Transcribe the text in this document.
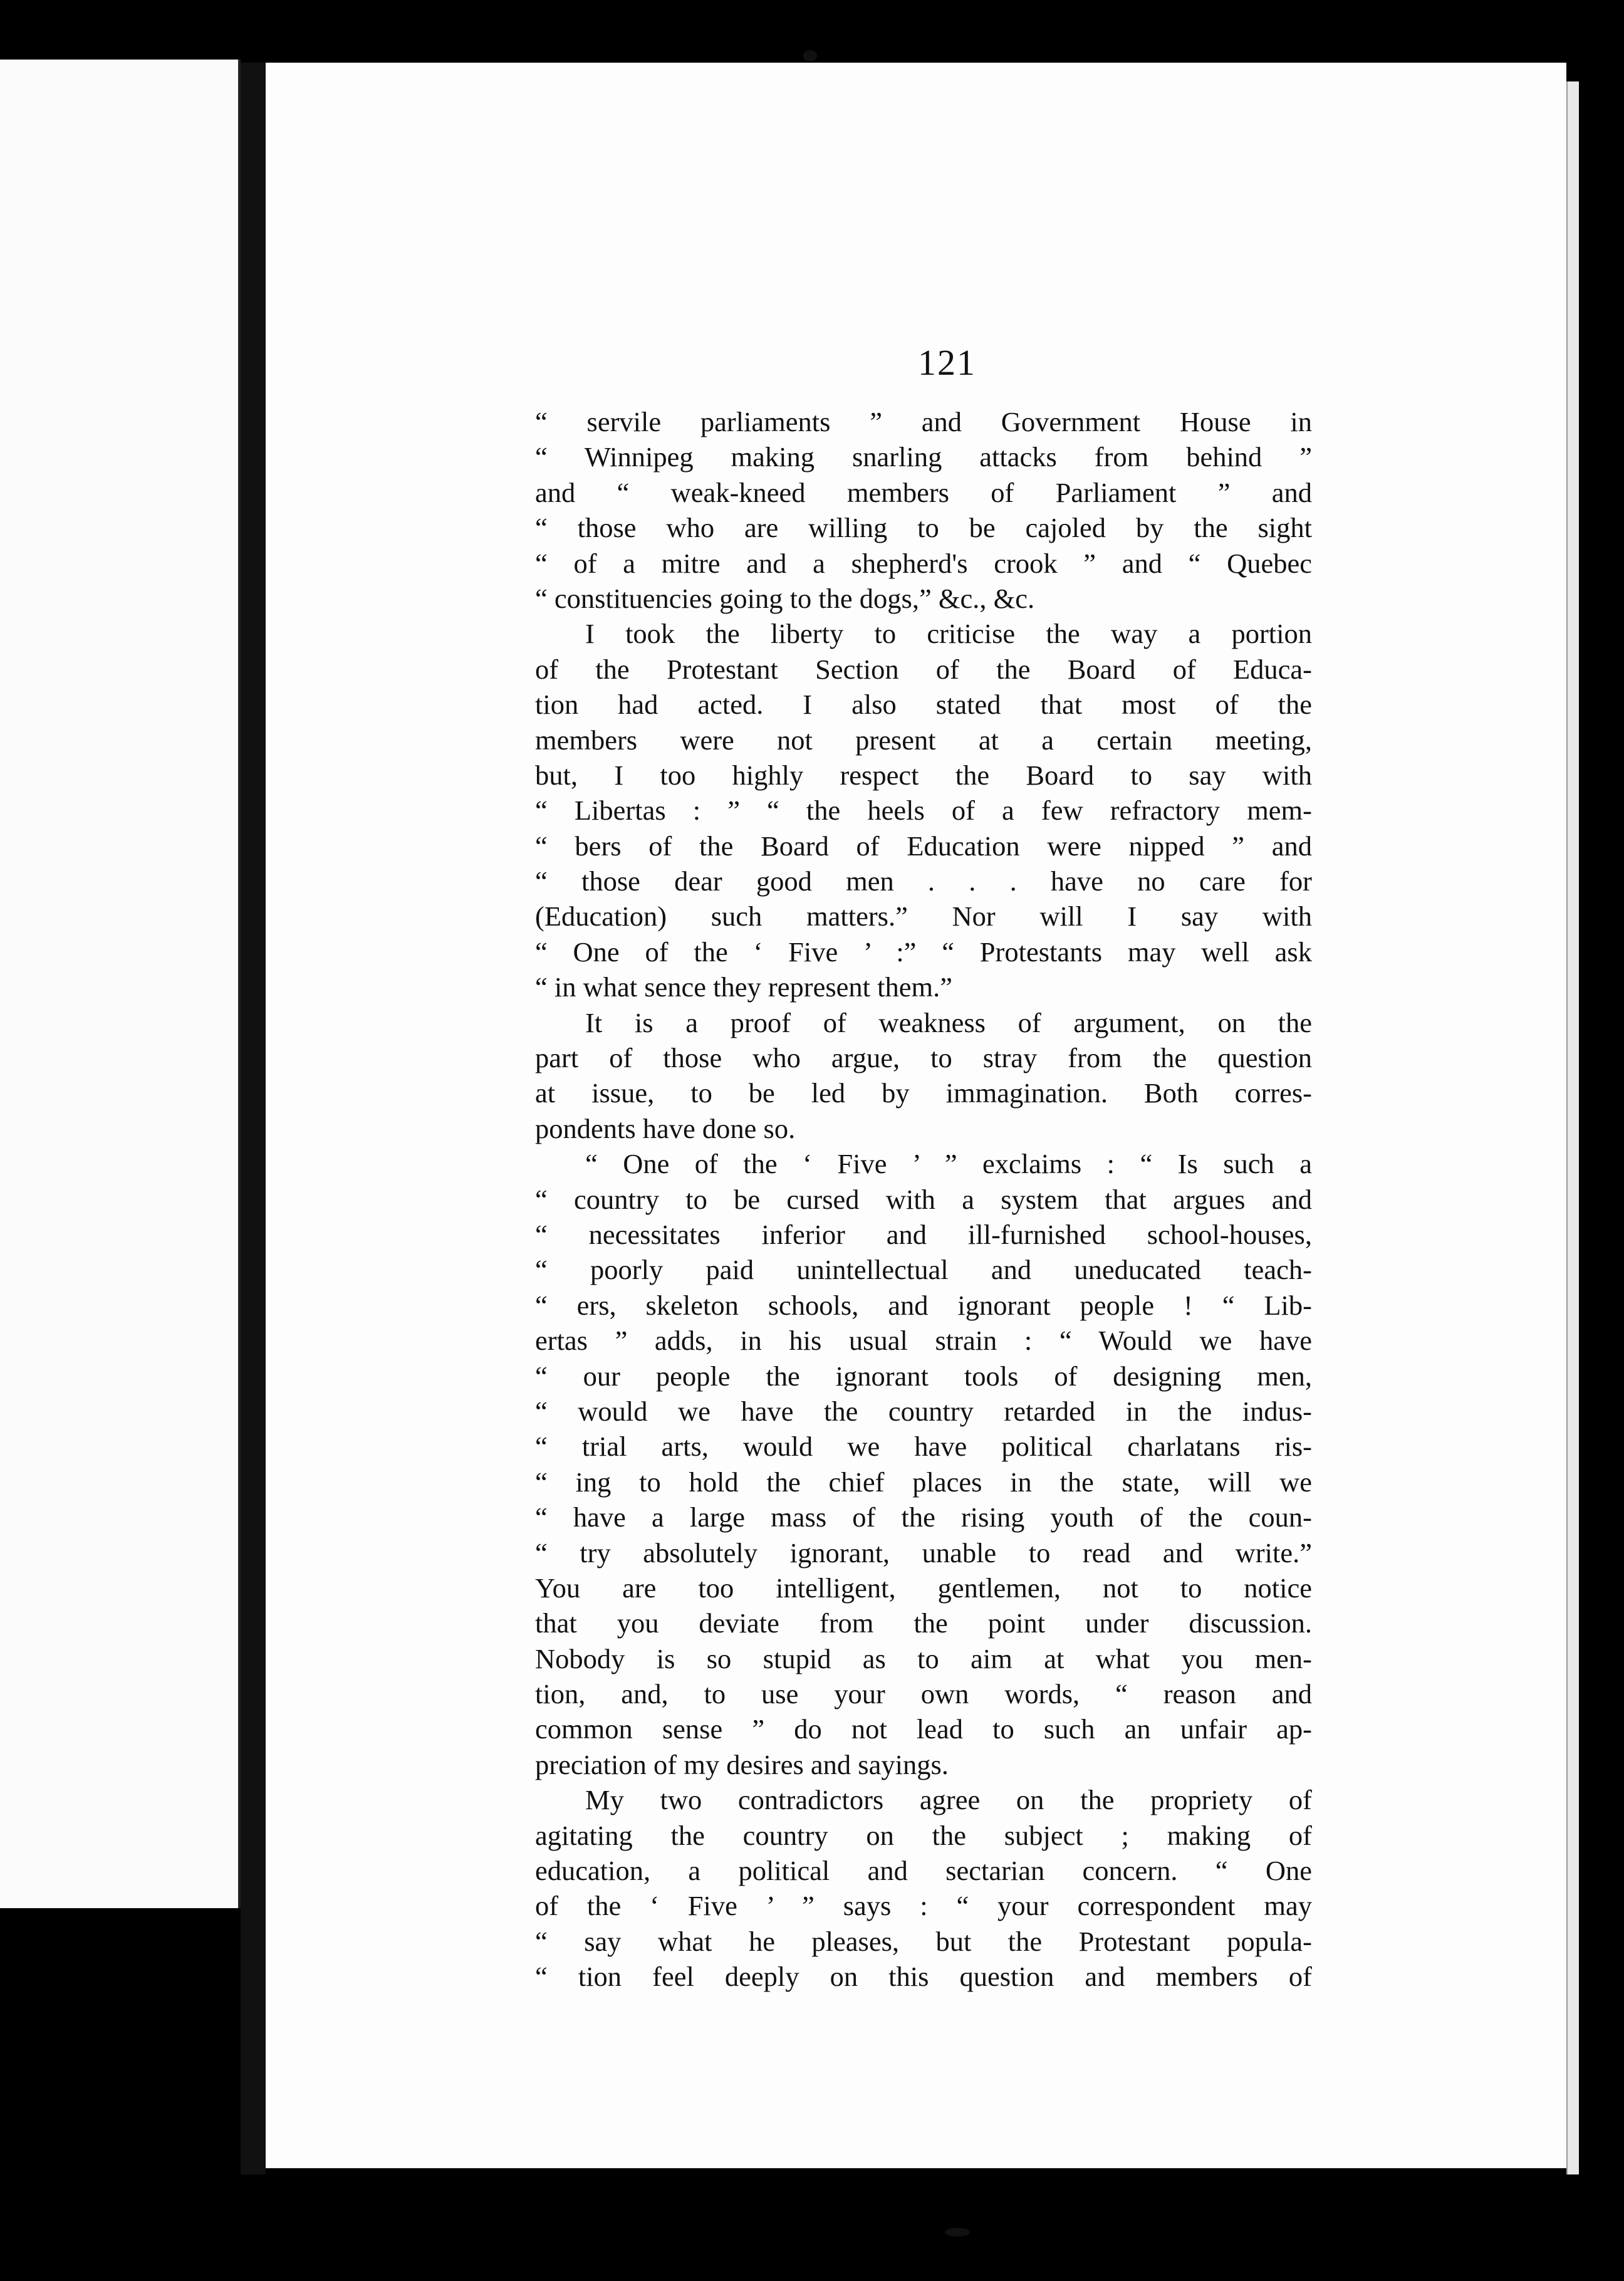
121
“ servile parliaments ” and Government House in
“ Winnipeg making snarling attacks from behind ”
and “ weak-kneed members of Parliament ” and
“ those who are willing to be cajoled by the sight
“ of a mitre and a shepherd's crook ” and “ Quebec
“ constituencies going to the dogs,” &c., &c.
I took the liberty to criticise the way a portion
of the Protestant Section of the Board of Educa-
tion had acted. I also stated that most of the
members were not present at a certain meeting,
but, I too highly respect the Board to say with
“ Libertas : ” “ the heels of a few refractory mem-
“ bers of the Board of Education were nipped ” and
“ those dear good men . . . have no care for
(Education) such matters.” Nor will I say with
“ One of the ‘ Five ’ :” “ Protestants may well ask
“ in what sence they represent them.”
It is a proof of weakness of argument, on the
part of those who argue, to stray from the question
at issue, to be led by immagination. Both corres-
pondents have done so.
“ One of the ‘ Five ’ ” exclaims : “ Is such a
“ country to be cursed with a system that argues and
“ necessitates inferior and ill-furnished school-houses,
“ poorly paid unintellectual and uneducated teach-
“ ers, skeleton schools, and ignorant people ! “ Lib-
ertas ” adds, in his usual strain : “ Would we have
“ our people the ignorant tools of designing men,
“ would we have the country retarded in the indus-
“ trial arts, would we have political charlatans ris-
“ ing to hold the chief places in the state, will we
“ have a large mass of the rising youth of the coun-
“ try absolutely ignorant, unable to read and write.”
You are too intelligent, gentlemen, not to notice
that you deviate from the point under discussion.
Nobody is so stupid as to aim at what you men-
tion, and, to use your own words, “ reason and
common sense ” do not lead to such an unfair ap-
preciation of my desires and sayings.
My two contradictors agree on the propriety of
agitating the country on the subject ; making of
education, a political and sectarian concern. “ One
of the ‘ Five ’ ” says : “ your correspondent may
“ say what he pleases, but the Protestant popula-
“ tion feel deeply on this question and members of
